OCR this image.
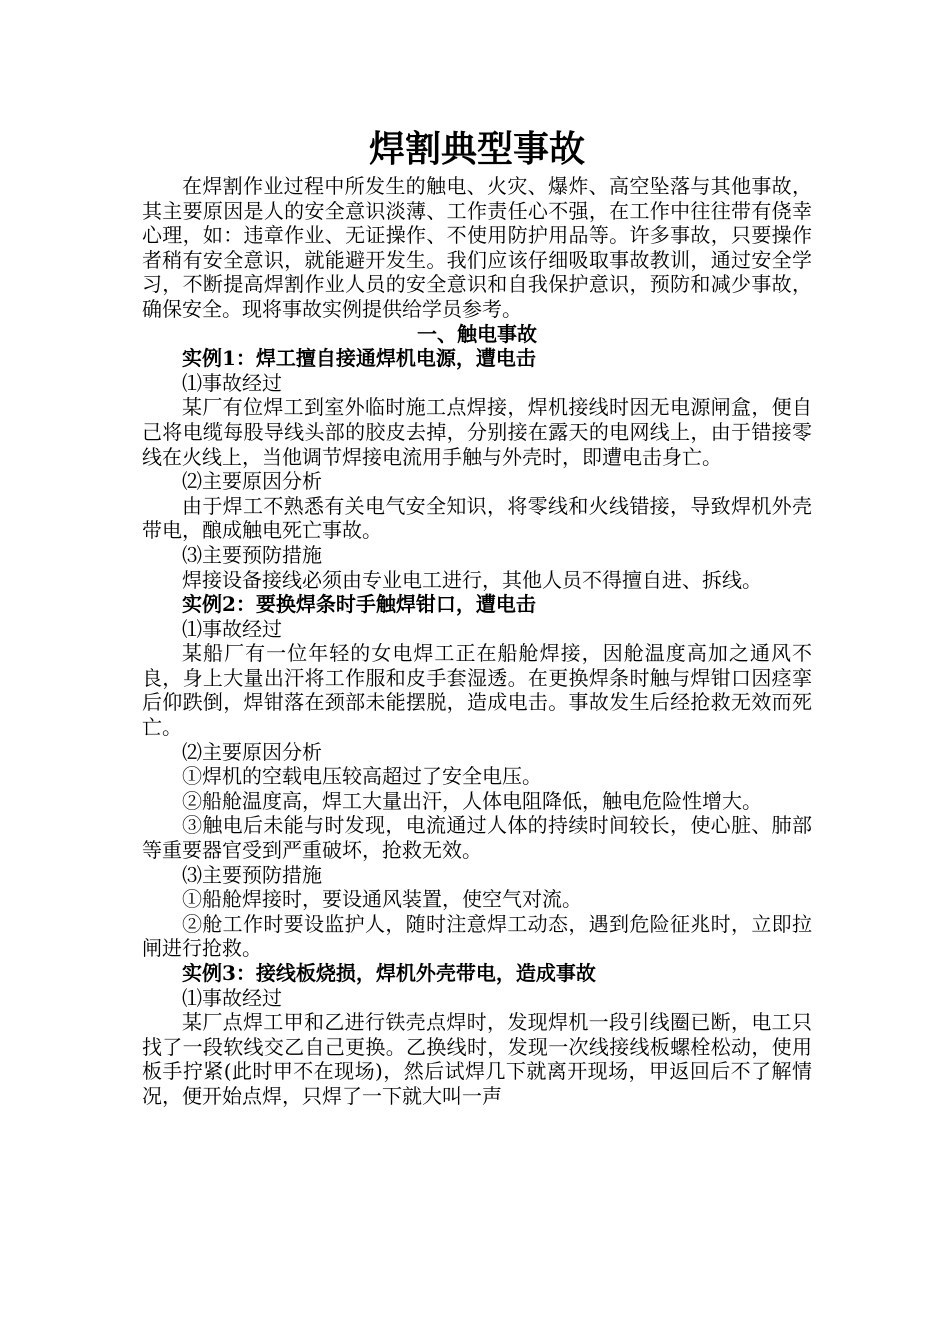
焊割典型事故

在焊割作业过程中所发生的触电、火灾、爆炸、高空坠落与其他事故，其主要原因是人的安全意识淡薄、工作责任心不强，在工作中往往带有侥幸心理，如：违章作业、无证操作、不使用防护用品等。许多事故，只要操作者稍有安全意识，就能避开发生。我们应该仔细吸取事故教训，通过安全学习，不断提高焊割作业人员的安全意识和自我保护意识，预防和减少事故，确保安全。现将事故实例提供给学员参考。

一、触电事故

实例1：焊工擅自接通焊机电源，遭电击

⑴事故经过

某厂有位焊工到室外临时施工点焊接，焊机接线时因无电源闸盒，便自己将电缆每股导线头部的胶皮去掉，分别接在露天的电网线上，由于错接零线在火线上，当他调节焊接电流用手触与外壳时，即遭电击身亡。

⑵主要原因分析

由于焊工不熟悉有关电气安全知识，将零线和火线错接，导致焊机外壳带电，酿成触电死亡事故。

⑶主要预防措施

焊接设备接线必须由专业电工进行，其他人员不得擅自进、拆线。

实例2：要换焊条时手触焊钳口，遭电击

⑴事故经过

某船厂有一位年轻的女电焊工正在船舱焊接，因舱温度高加之通风不良，身上大量出汗将工作服和皮手套湿透。在更换焊条时触与焊钳口因痉挛后仰跌倒，焊钳落在颈部未能摆脱，造成电击。事故发生后经抢救无效而死亡。

⑵主要原因分析

①焊机的空载电压较高超过了安全电压。

②船舱温度高，焊工大量出汗，人体电阻降低，触电危险性增大。

③触电后未能与时发现，电流通过人体的持续时间较长，使心脏、肺部等重要器官受到严重破坏，抢救无效。

⑶主要预防措施

①船舱焊接时，要设通风装置，使空气对流。

②舱工作时要设监护人，随时注意焊工动态，遇到危险征兆时，立即拉闸进行抢救。

实例3：接线板烧损，焊机外壳带电，造成事故

⑴事故经过

某厂点焊工甲和乙进行铁壳点焊时，发现焊机一段引线圈已断，电工只找了一段软线交乙自己更换。乙换线时，发现一次线接线板螺栓松动，使用板手拧紧(此时甲不在现场)，然后试焊几下就离开现场，甲返回后不了解情况，便开始点焊，只焊了一下就大叫一声
